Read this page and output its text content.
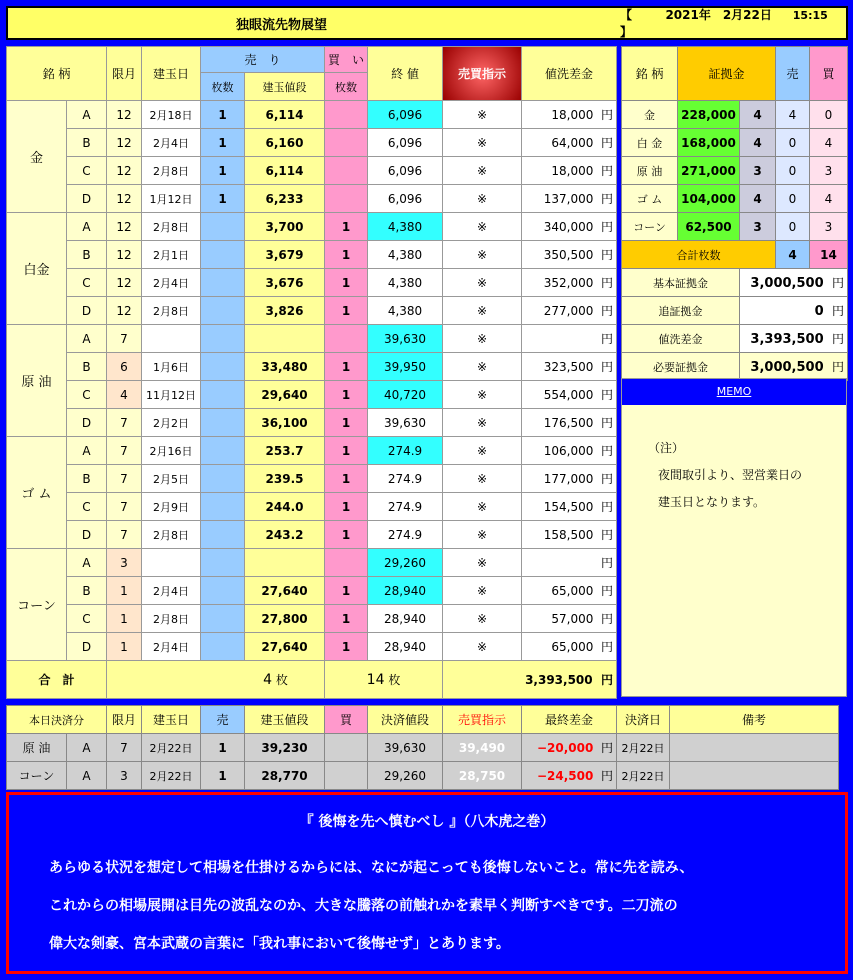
独眼流先物展望
【	2021年　2月22日 15:15    】
銘 柄		限月	建玉日	売　り		買　い	終 値	売買指示	値洗差金
				枚数	建玉値段	枚数			
金	A	12	2月18日	1	6,114		6,096	※	18,000 円
	B	12	2月4日	1	6,160		6,096	※	64,000 円
	C	12	2月8日	1	6,114		6,096	※	18,000 円
	D	12	1月12日	1	6,233		6,096	※	137,000 円
白金	A	12	2月8日		3,700	1	4,380	※	340,000 円
	B	12	2月1日		3,679	1	4,380	※	350,500 円
	C	12	2月4日		3,676	1	4,380	※	352,000 円
	D	12	2月8日		3,826	1	4,380	※	277,000 円
原 油	A	7					39,630	※	円
	B	6	1月6日		33,480	1	39,950	※	323,500 円
	C	4	11月12日		29,640	1	40,720	※	554,000 円
	D	7	2月2日		36,100	1	39,630	※	176,500 円
ゴ ム	A	7	2月16日		253.7	1	274.9	※	106,000 円
	B	7	2月5日		239.5	1	274.9	※	177,000 円
	C	7	2月9日		244.0	1	274.9	※	154,500 円
	D	7	2月8日		243.2	1	274.9	※	158,500 円
コーン	A	3					29,260	※	円
	B	1	2月4日		27,640	1	28,940	※	65,000 円
	C	1	2月8日		27,800	1	28,940	※	57,000 円
	D	1	2月4日		27,640	1	28,940	※	65,000 円
合　計		4 枚				14 枚		3,393,500 円	
銘 柄	証拠金		売	買
金	228,000	4	4	0
白 金	168,000	4	0	4
原 油	271,000	3	0	3
ゴ ム	104,000	4	0	4
コーン	62,500	3	0	3
合計枚数			4	14
基本証拠金		3,000,500 円		
追証拠金		0 円		
値洗差金		3,393,500 円		
必要証拠金		3,000,500 円		
MEMO
（注）
夜間取引より、翌営業日の
建玉日となります。
本日決済分		限月	建玉日	売	建玉値段	買	決済値段	売買指示	最終差金	決済日	備考
原 油	A	7	2月22日	1	39,230		39,630	39,490	−20,000 円	2月22日	
コーン	A	3	2月22日	1	28,770		29,260	28,750	−24,500 円	2月22日	
『 後悔を先へ慎むべし 』（八木虎之巻）
あらゆる状況を想定して相場を仕掛けるからには、なにが起こっても後悔しないこと。常に先を読み、
これからの相場展開は目先の波乱なのか、大きな騰落の前触れかを素早く判断すべきです。二刀流の
偉大な剣豪、宮本武蔵の言葉に「我れ事において後悔せず」とあります。
